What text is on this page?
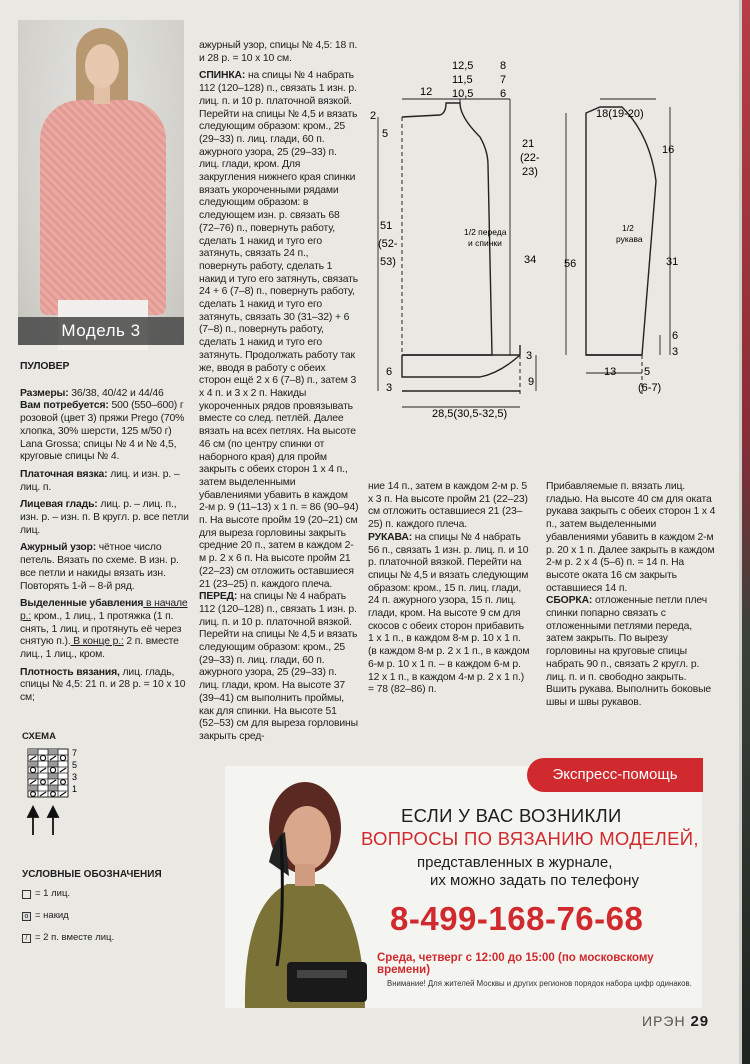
Модель 3

ПУЛОВЕР

Размеры: 36/38, 40/42 и 44/46

Вам потребуется: 500 (550–600) г розовой (цвет 3) пряжи Prego (70% хлопка, 30% шерсти, 125 м/50 г) Lana Grossa; спицы № 4 и № 4,5, круговые спицы № 4.

Платочная вязка: лиц. и изн. р. – лиц. п.

Лицевая гладь: лиц. р. – лиц. п., изн. р. – изн. п. В кругл. р. все петли лиц.

Ажурный узор: чётное число петель. Вязать по схеме. В изн. р. все петли и накиды вязать изн. Повторять 1-й – 8-й ряд.

Выделенные убавления в начале р.: кром., 1 лиц., 1 протяжка (1 п. снять, 1 лиц. и протянуть её через снятую п.). В конце р.: 2 п. вместе лиц., 1 лиц., кром.

Плотность вязания, лиц. гладь, спицы № 4,5: 21 п. и 28 р. = 10 х 10 см;

ажурный узор, спицы № 4,5: 18 п. и 28 р. = 10 х 10 см.

СПИНКА: на спицы № 4 набрать 112 (120–128) п., связать 1 изн. р. лиц. п. и 10 р. платочной вязкой. Перейти на спицы № 4,5 и вязать следующим образом: кром., 25 (29–33) п. лиц. глади, 60 п. ажурного узора, 25 (29–33) п. лиц. глади, кром. Для закругления нижнего края спинки вязать укороченными рядами следующим образом: в следующем изн. р. связать 68 (72–76) п., повернуть работу, сделать 1 накид и туго его затянуть, связать 24 п., повернуть работу, сделать 1 накид и туго его затянуть, связать 24 + 6 (7–8) п., повернуть работу, сделать 1 накид и туго его затянуть, связать 30 (31–32) + 6 (7–8) п., повернуть работу, сделать 1 накид и туго его затянуть. Продолжать работу так же, вводя в работу с обеих сторон ещё 2 х 6 (7–8) п., затем 3 х 4 п. и 3 х 2 п. Накиды укороченных рядов провязывать вместе со след. петлёй. Далее вязать на всех петлях. На высоте 46 см (по центру спинки от наборного края) для пройм закрыть с обеих сторон 1 х 4 п., затем выделенными убавлениями убавить в каждом 2-м р. 9 (11–13) х 1 п. = 86 (90–94) п. На высоте пройм 19 (20–21) см для выреза горловины закрыть средние 20 п., затем в каждом 2-м р. 2 х 6 п. На высоте пройм 21 (22–23) см отложить оставшиеся 21 (23–25) п. каждого плеча.

ПЕРЕД: на спицы № 4 набрать 112 (120–128) п., связать 1 изн. р. лиц. п. и 10 р. платочной вязкой. Перейти на спицы № 4,5 и вязать следующим образом: кром., 25 (29–33) п. лиц. глади, 60 п. ажурного узора, 25 (29–33) п. лиц. глади, кром. На высоте 37 (39–41) см выполнить проймы, как для спинки. На высоте 51 (52–53) см для выреза горловины закрыть сред-

ние 14 п., затем в каждом 2-м р. 5 х 3 п. На высоте пройм 21 (22–23) см отложить оставшиеся 21 (23–25) п. каждого плеча.

РУКАВА: на спицы № 4 набрать 56 п., связать 1 изн. р. лиц. п. и 10 р. платочной вязкой. Перейти на спицы № 4,5 и вязать следующим образом: кром., 15 п. лиц. глади, 24 п. ажурного узора, 15 п. лиц. глади, кром. На высоте 9 см для скосов с обеих сторон прибавить 1 х 1 п., в каждом 8-м р. 10 х 1 п. (в каждом 8-м р. 2 х 1 п., в каждом 6-м р. 10 х 1 п. – в каждом 6-м р. 12 х 1 п., в каждом 4-м р. 2 х 1 п.) = 78 (82–86) п.

Прибавляемые п. вязать лиц. гладью. На высоте 40 см для оката рукава закрыть с обеих сторон 1 х 4 п., затем выделенными убавлениями убавить в каждом 2-м р. 20 х 1 п. Далее закрыть в каждом 2-м р. 2 х 4 (5–6) п. = 14 п. На высоте оката 16 см закрыть оставшиеся 14 п.

СБОРКА: отложенные петли плеч спинки попарно связать с отложенными петлями переда, затем закрыть. По вырезу горловины на круговые спицы набрать 90 п., связать 2 кругл. р. лиц. п. и п. свободно закрыть. Вшить рукава. Выполнить боковые швы и швы рукавов.

СХЕМА
7
5
3
1
УСЛОВНЫЕ ОБОЗНАЧЕНИЯ
= 1 лиц.
o = накид
/ = 2 п. вместе лиц.
12,5
11,5
10,5
8
7
6
12
2
5
21
(22-
23)
51
(52-
53)
1/2 переда
и спинки
34
3
9
6
3
28,5(30,5-32,5)
18(19-20)
16
56	31
6
3
1/2
рукава
13	5
(6-7)
Экспресс-помощь
ЕСЛИ У ВАС ВОЗНИКЛИ
ВОПРОСЫ ПО ВЯЗАНИЮ МОДЕЛЕЙ,
представленных в журнале,
их можно задать по телефону
8-499-168-76-68
Среда, четверг с 12:00 до 15:00 (по московскому времени)
Внимание! Для жителей Москвы и других регионов порядок набора цифр одинаков.
ИРЭН 29
